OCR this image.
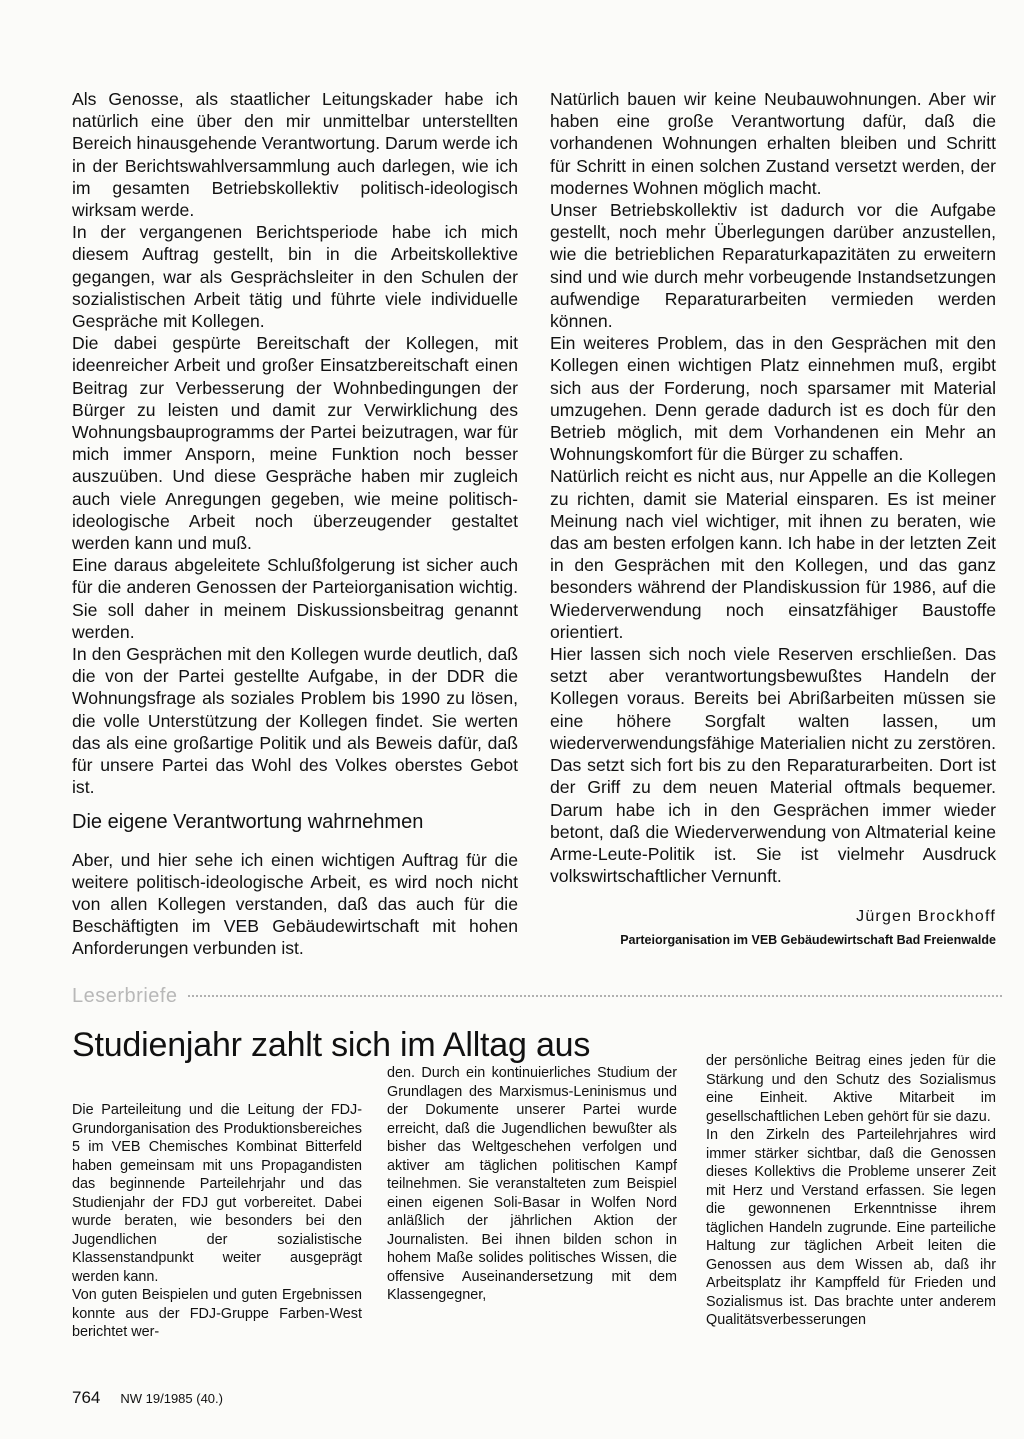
Als Genosse, als staatlicher Leitungskader habe ich natürlich eine über den mir unmittelbar unterstellten Bereich hinausgehende Verantwortung. Darum werde ich in der Berichtswahlversammlung auch darlegen, wie ich im gesamten Betriebskollektiv politisch-ideologisch wirksam werde.

In der vergangenen Berichtsperiode habe ich mich diesem Auftrag gestellt, bin in die Arbeitskollektive gegangen, war als Gesprächsleiter in den Schulen der sozialistischen Arbeit tätig und führte viele individuelle Gespräche mit Kollegen.

Die dabei gespürte Bereitschaft der Kollegen, mit ideenreicher Arbeit und großer Einsatzbereitschaft einen Beitrag zur Verbesserung der Wohnbedingungen der Bürger zu leisten und damit zur Verwirklichung des Wohnungsbauprogramms der Partei beizutragen, war für mich immer Ansporn, meine Funktion noch besser auszuüben. Und diese Gespräche haben mir zugleich auch viele Anregungen gegeben, wie meine politisch-ideologische Arbeit noch überzeugender gestaltet werden kann und muß.

Eine daraus abgeleitete Schlußfolgerung ist sicher auch für die anderen Genossen der Parteiorganisation wichtig. Sie soll daher in meinem Diskussionsbeitrag genannt werden.

In den Gesprächen mit den Kollegen wurde deutlich, daß die von der Partei gestellte Aufgabe, in der DDR die Wohnungsfrage als soziales Problem bis 1990 zu lösen, die volle Unterstützung der Kollegen findet. Sie werten das als eine großartige Politik und als Beweis dafür, daß für unsere Partei das Wohl des Volkes oberstes Gebot ist.

Die eigene Verantwortung wahrnehmen

Aber, und hier sehe ich einen wichtigen Auftrag für die weitere politisch-ideologische Arbeit, es wird noch nicht von allen Kollegen verstanden, daß das auch für die Beschäftigten im VEB Gebäudewirtschaft mit hohen Anforderungen verbunden ist.

Natürlich bauen wir keine Neubauwohnungen. Aber wir haben eine große Verantwortung dafür, daß die vorhandenen Wohnungen erhalten bleiben und Schritt für Schritt in einen solchen Zustand versetzt werden, der modernes Wohnen möglich macht.

Unser Betriebskollektiv ist dadurch vor die Aufgabe gestellt, noch mehr Überlegungen darüber anzustellen, wie die betrieblichen Reparaturkapazitäten zu erweitern sind und wie durch mehr vorbeugende Instandsetzungen aufwendige Reparaturarbeiten vermieden werden können.

Ein weiteres Problem, das in den Gesprächen mit den Kollegen einen wichtigen Platz einnehmen muß, ergibt sich aus der Forderung, noch sparsamer mit Material umzugehen. Denn gerade dadurch ist es doch für den Betrieb möglich, mit dem Vorhandenen ein Mehr an Wohnungskomfort für die Bürger zu schaffen.

Natürlich reicht es nicht aus, nur Appelle an die Kollegen zu richten, damit sie Material einsparen. Es ist meiner Meinung nach viel wichtiger, mit ihnen zu beraten, wie das am besten erfolgen kann. Ich habe in der letzten Zeit in den Gesprächen mit den Kollegen, und das ganz besonders während der Plandiskussion für 1986, auf die Wiederverwendung noch einsatzfähiger Baustoffe orientiert.

Hier lassen sich noch viele Reserven erschließen. Das setzt aber verantwortungsbewußtes Handeln der Kollegen voraus. Bereits bei Abrißarbeiten müssen sie eine höhere Sorgfalt walten lassen, um wiederverwendungsfähige Materialien nicht zu zerstören. Das setzt sich fort bis zu den Reparaturarbeiten. Dort ist der Griff zu dem neuen Material oftmals bequemer. Darum habe ich in den Gesprächen immer wieder betont, daß die Wiederverwendung von Altmaterial keine Arme-Leute-Politik ist. Sie ist vielmehr Ausdruck volkswirtschaftlicher Vernunft.

Jürgen Brockhoff
Parteiorganisation im VEB Gebäudewirtschaft Bad Freienwalde
Leserbriefe
Studienjahr zahlt sich im Alltag aus

Die Parteileitung und die Leitung der FDJ-Grundorganisation des Produktionsbereiches 5 im VEB Chemisches Kombinat Bitterfeld haben gemeinsam mit uns Propagandisten das beginnende Parteilehrjahr und das Studienjahr der FDJ gut vorbereitet. Dabei wurde beraten, wie besonders bei den Jugendlichen der sozialistische Klassenstandpunkt weiter ausgeprägt werden kann.

Von guten Beispielen und guten Ergebnissen konnte aus der FDJ-Gruppe Farben-West berichtet wer-

den. Durch ein kontinuierliches Studium der Grundlagen des Marxismus-Leninismus und der Dokumente unserer Partei wurde erreicht, daß die Jugendlichen bewußter als bisher das Weltgeschehen verfolgen und aktiver am täglichen politischen Kampf teilnehmen. Sie veranstalteten zum Beispiel einen eigenen Soli-Basar in Wolfen Nord anläßlich der jährlichen Aktion der Journalisten. Bei ihnen bilden schon in hohem Maße solides politisches Wissen, die offensive Auseinandersetzung mit dem Klassengegner,

der persönliche Beitrag eines jeden für die Stärkung und den Schutz des Sozialismus eine Einheit. Aktive Mitarbeit im gesellschaftlichen Leben gehört für sie dazu.

In den Zirkeln des Parteilehrjahres wird immer stärker sichtbar, daß die Genossen dieses Kollektivs die Probleme unserer Zeit mit Herz und Verstand erfassen. Sie legen die gewonnenen Erkenntnisse ihrem täglichen Handeln zugrunde. Eine parteiliche Haltung zur täglichen Arbeit leiten die Genossen aus dem Wissen ab, daß ihr Arbeitsplatz ihr Kampffeld für Frieden und Sozialismus ist. Das brachte unter anderem Qualitätsverbesserungen

764 NW 19/1985 (40.)
